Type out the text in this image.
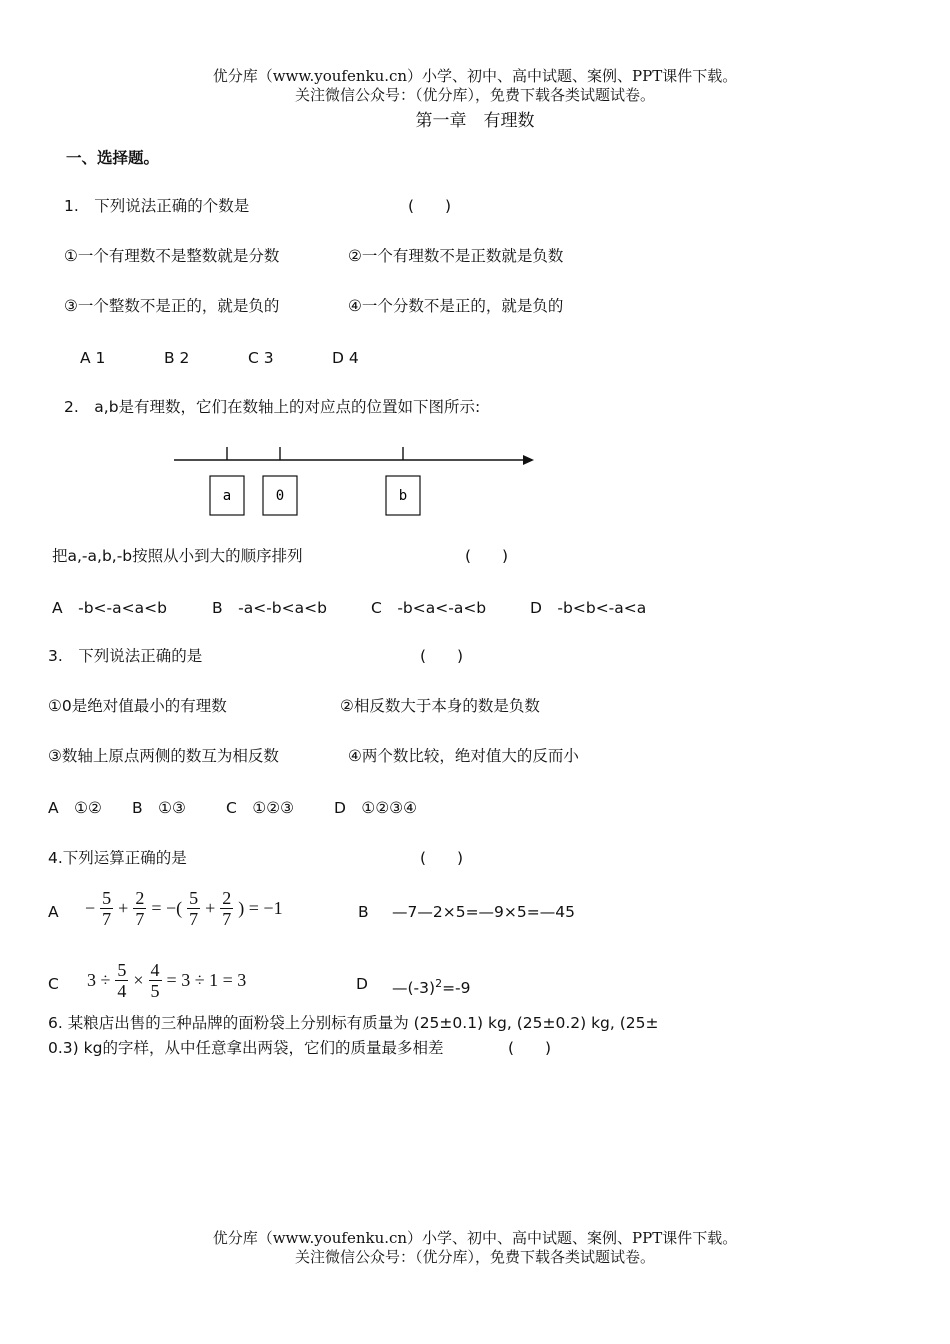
优分库（www.youfenku.cn）小学、初中、高中试题、案例、PPT课件下载。
关注微信公众号：（优分库），免费下载各类试题试卷。
第一章　有理数
一、选择题。
1.　下列说法正确的个数是	(　　)
①一个有理数不是整数就是分数	②一个有理数不是正数就是负数
③一个整数不是正的，就是负的	④一个分数不是正的，就是负的
A 1	B 2	C 3	D 4
2.　a,b是有理数，它们在数轴上的对应点的位置如下图所示:
a	0	b
把a,-a,b,-b按照从小到大的顺序排列	(　　)
A　-b<-a<a<b	B　-a<-b<a<b	C　-b<a<-a<b	D　-b<b<-a<a
3.　下列说法正确的是	(　　)
①0是绝对值最小的有理数	②相反数大于本身的数是负数
③数轴上原点两侧的数互为相反数	④两个数比较，绝对值大的反而小
A　①② B　①③	C　①②③	D　①②③④
4.下列运算正确的是	(　　)
$A - \frac{5}{7} + \frac{2}{7}$ = −( $\frac{5}{7} + \frac{2}{7}$ ) = −1	B —7—2×5=—9×5=—45
C $3 \div \frac{5}{4} \times \frac{4}{5} = 3 \div 1 = 3$	D $—(-3)^2=-9$
6. 某粮店出售的三种品牌的面粉袋上分别标有质量为 (25±0.1) kg, (25±0.2) kg, (25±
0.3) kg的字样，从中任意拿出两袋，它们的质量最多相差	(　　)
优分库（www.youfenku.cn）小学、初中、高中试题、案例、PPT课件下载。
关注微信公众号：（优分库），免费下载各类试题试卷。
